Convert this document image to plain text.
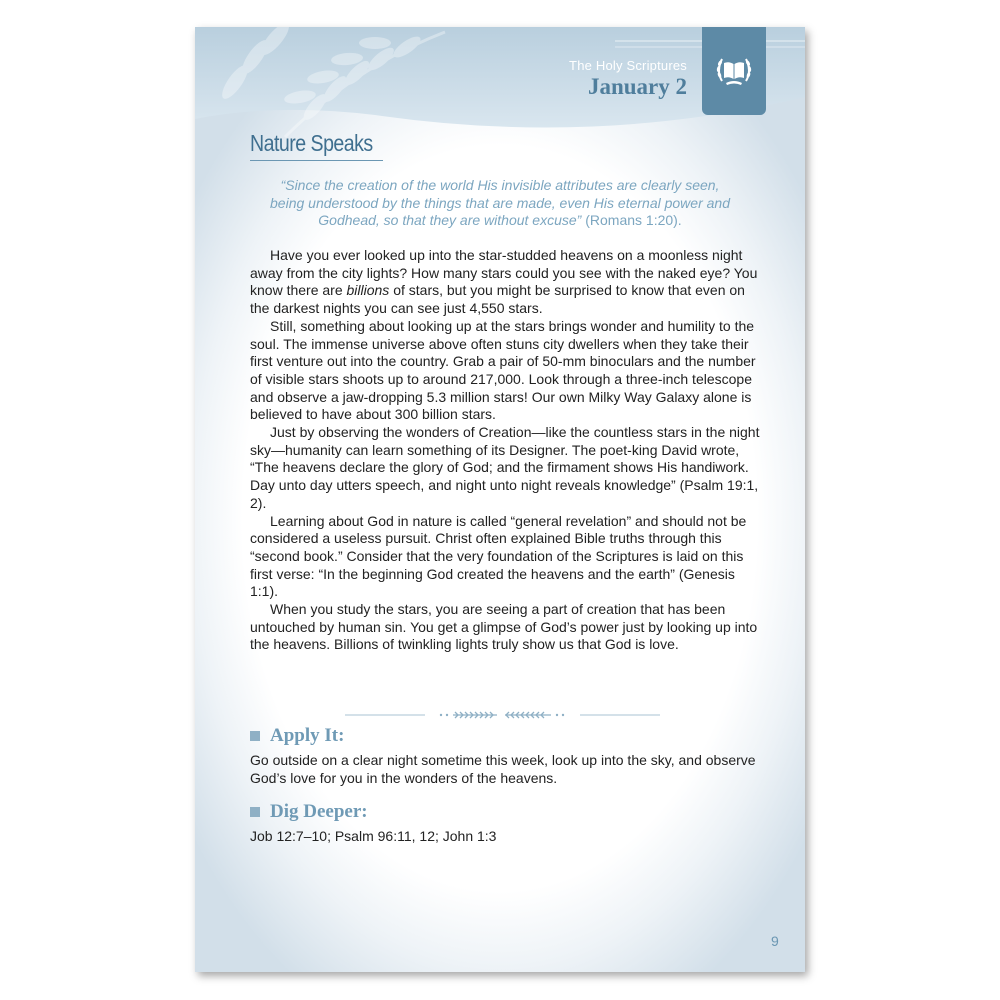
The Holy Scriptures
January 2
Nature Speaks
“Since the creation of the world His invisible attributes are clearly seen, being understood by the things that are made, even His eternal power and Godhead, so that they are without excuse” (Romans 1:20).

Have you ever looked up into the star-studded heavens on a moonless night away from the city lights? How many stars could you see with the naked eye? You know there are billions of stars, but you might be surprised to know that even on the darkest nights you can see just 4,550 stars.

Still, something about looking up at the stars brings wonder and humility to the soul. The immense universe above often stuns city dwellers when they take their first venture out into the country. Grab a pair of 50-mm binoculars and the number of visible stars shoots up to around 217,000. Look through a three-inch telescope and observe a jaw-dropping 5.3 million stars! Our own Milky Way Galaxy alone is believed to have about 300 billion stars.

Just by observing the wonders of Creation—like the countless stars in the night sky—humanity can learn something of its Designer. The poet-king David wrote, “The heavens declare the glory of God; and the firmament shows His handiwork. Day unto day utters speech, and night unto night reveals knowledge” (Psalm 19:1, 2).

Learning about God in nature is called “general revelation” and should not be considered a useless pursuit. Christ often explained Bible truths through this “second book.” Consider that the very foundation of the Scriptures is laid on this first verse: “In the beginning God created the heavens and the earth” (Genesis 1:1).

When you study the stars, you are seeing a part of creation that has been untouched by human sin. You get a glimpse of God’s power just by looking up into the heavens. Billions of twinkling lights truly show us that God is love.

Apply It:
Go outside on a clear night sometime this week, look up into the sky, and observe God’s love for you in the wonders of the heavens.
Dig Deeper:
Job 12:7–10; Psalm 96:11, 12; John 1:3
9
